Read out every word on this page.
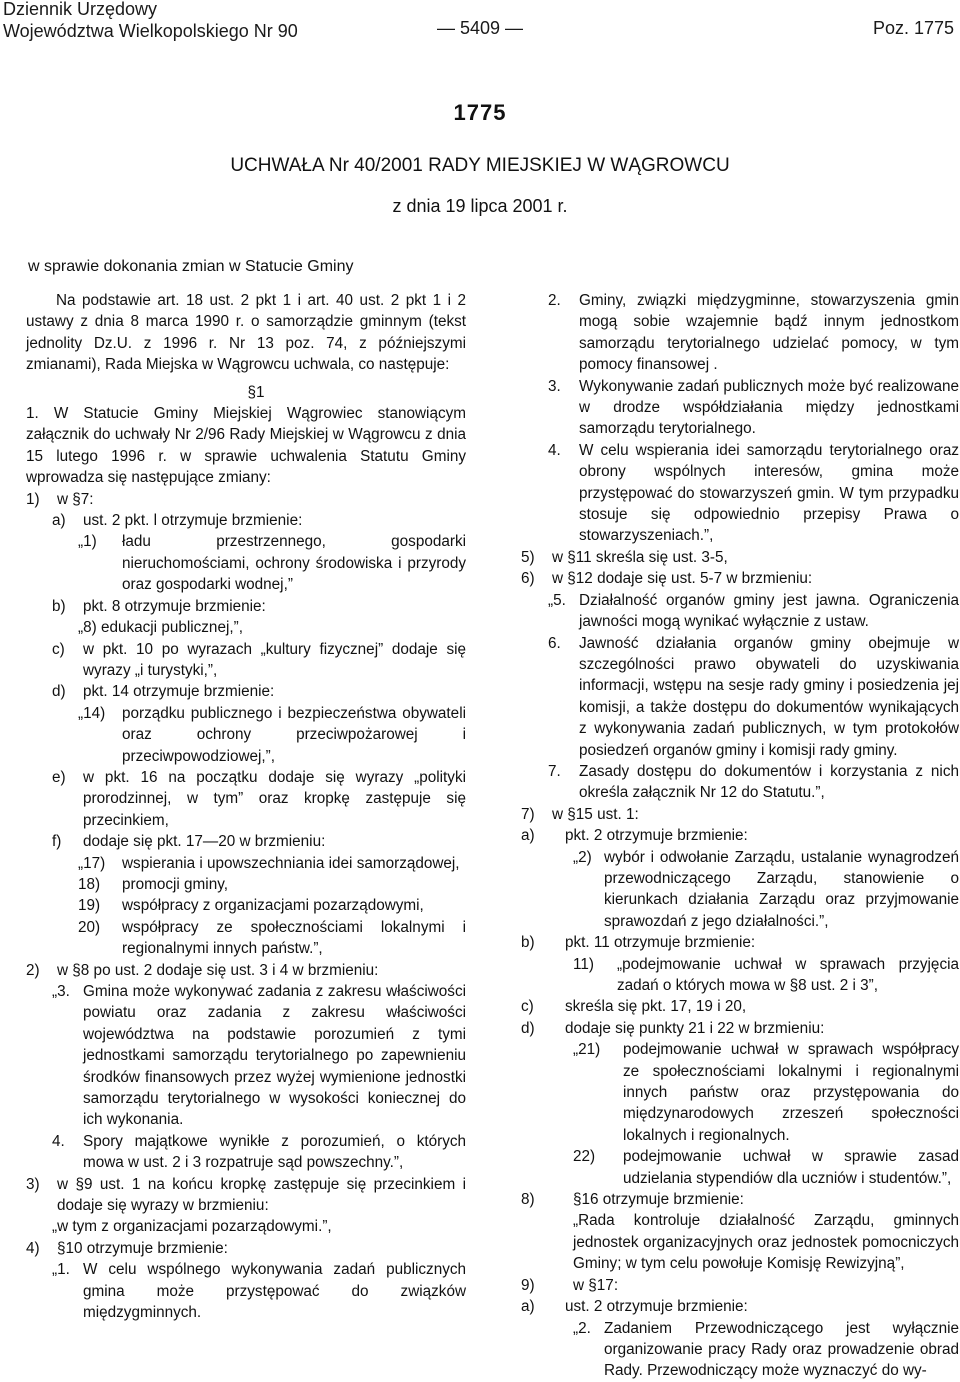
Dziennik Urzędowy
Województwa Wielkopolskiego Nr 90	— 5409 —	Poz. 1775
1775
UCHWAŁA Nr 40/2001 RADY MIEJSKIEJ W WĄGROWCU
z dnia 19 lipca 2001 r.
w sprawie dokonania zmian w Statucie Gminy

Na podstawie art. 18 ust. 2 pkt 1 i art. 40 ust. 2 pkt 1 i 2 ustawy z dnia 8 marca 1990 r. o samorządzie gminnym (tekst jednolity Dz.U. z 1996 r. Nr 13 poz. 74, z późniejszymi zmianami), Rada Miejska w Wągrowcu uchwala, co następuje:

§1

1. W Statucie Gminy Miejskiej Wągrowiec stanowiącym załącznik do uchwały Nr 2/96 Rady Miejskiej w Wągrowcu z dnia 15 lutego 1996 r. w sprawie uchwalenia Statutu Gminy wprowadza się następujące zmiany:

1)	w §7:
a)	ust. 2 pkt. l otrzymuje brzmienie:
„1)	ładu przestrzennego, gospodarki nieruchomościami, ochrony środowiska i przyrody oraz gospodarki wodnej,”
b)	pkt. 8 otrzymuje brzmienie:
„8) edukacji publicznej,”,
c)	w pkt. 10 po wyrazach „kultury fizycznej” dodaje się wyrazy „i turystyki,”,
d)	pkt. 14 otrzymuje brzmienie:
„14)	porządku publicznego i bezpieczeństwa obywateli oraz ochrony przeciwpożarowej i przeciwpowodziowej,”,
e)	w pkt. 16 na początku dodaje się wyrazy „polityki prorodzinnej, w tym” oraz kropkę zastępuje się przecinkiem,
f)	dodaje się pkt. 17—20 w brzmieniu:
„17)	wspierania i upowszechniania idei samorządowej,
18)	promocji gminy,
19)	współpracy z organizacjami pozarządowymi,
20)	współpracy ze społecznościami lokalnymi i regionalnymi innych państw.”,
2)	w §8 po ust. 2 dodaje się ust. 3 i 4 w brzmieniu:
„3. Gmina może wykonywać zadania z zakresu właściwości powiatu oraz zadania z zakresu właściwości województwa na podstawie porozumień z tymi jednostkami samorządu terytorialnego po zapewnieniu środków finansowych przez wyżej wymienione jednostki samorządu terytorialnego w wysokości koniecznej do ich wykonania.
4.	Spory majątkowe wynikłe z porozumień, o których mowa w ust. 2 i 3 rozpatruje sąd powszechny.”,
3)	w §9 ust. 1 na końcu kropkę zastępuje się przecinkiem i dodaje się wyrazy w brzmieniu:
„w tym z organizacjami pozarządowymi.”,
4)	§10 otrzymuje brzmienie:
„1. W celu wspólnego wykonywania zadań publicznych gmina może przystępować do związków międzygminnych.
2.	Gminy, związki międzygminne, stowarzyszenia gmin mogą sobie wzajemnie bądź innym jednostkom samorządu terytorialnego udzielać pomocy, w tym pomocy finansowej .
3.	Wykonywanie zadań publicznych może być realizowane w drodze współdziałania między jednostkami samorządu terytorialnego.
4.	W celu wspierania idei samorządu terytorialnego oraz obrony wspólnych interesów, gmina może przystępować do stowarzyszeń gmin. W tym przypadku stosuje się odpowiednio przepisy Prawa o stowarzyszeniach.”,
5)	w §11 skreśla się ust. 3-5,
6)	w §12 dodaje się ust. 5-7 w brzmieniu:
„5. Działalność organów gminy jest jawna. Ograniczenia jawności mogą wynikać wyłącznie z ustaw.
6.	Jawność działania organów gminy obejmuje w szczególności prawo obywateli do uzyskiwania informacji, wstępu na sesje rady gminy i posiedzenia jej komisji, a także dostępu do dokumentów wynikających z wykonywania zadań publicznych, w tym protokołów posiedzeń organów gminy i komisji rady gminy.
7.	Zasady dostępu do dokumentów i korzystania z nich określa załącznik Nr 12 do Statutu.”,
7)	w §15 ust. 1:
a)	pkt. 2 otrzymuje brzmienie:
„2) wybór i odwołanie Zarządu, ustalanie wynagrodzeń przewodniczącego Zarządu, stanowienie o kierunkach działania Zarządu oraz przyjmowanie sprawozdań z jego działalności.”,
b)	pkt. 11 otrzymuje brzmienie:
11)	„podejmowanie uchwał w sprawach przyjęcia zadań o których mowa w §8 ust. 2 i 3”,
c)	skreśla się pkt. 17, 19 i 20,
d)	dodaje się punkty 21 i 22 w brzmieniu:
„21)	podejmowanie uchwał w sprawach współpracy ze społecznościami lokalnymi i regionalnymi innych państw oraz przystępowania do międzynarodowych zrzeszeń społeczności lokalnych i regionalnych.
22)	podejmowanie uchwał w sprawie zasad udzielania stypendiów dla uczniów i studentów.”,
8)	§16 otrzymuje brzmienie:
„Rada kontroluje działalność Zarządu, gminnych jednostek organizacyjnych oraz jednostek pomocniczych Gminy; w tym celu powołuje Komisję Rewizyjną”,
9)	w §17:
a)	ust. 2 otrzymuje brzmienie:
„2. Zadaniem Przewodniczącego jest wyłącznie organizowanie pracy Rady oraz prowadzenie obrad Rady. Przewodniczący może wyznaczyć do wy-
